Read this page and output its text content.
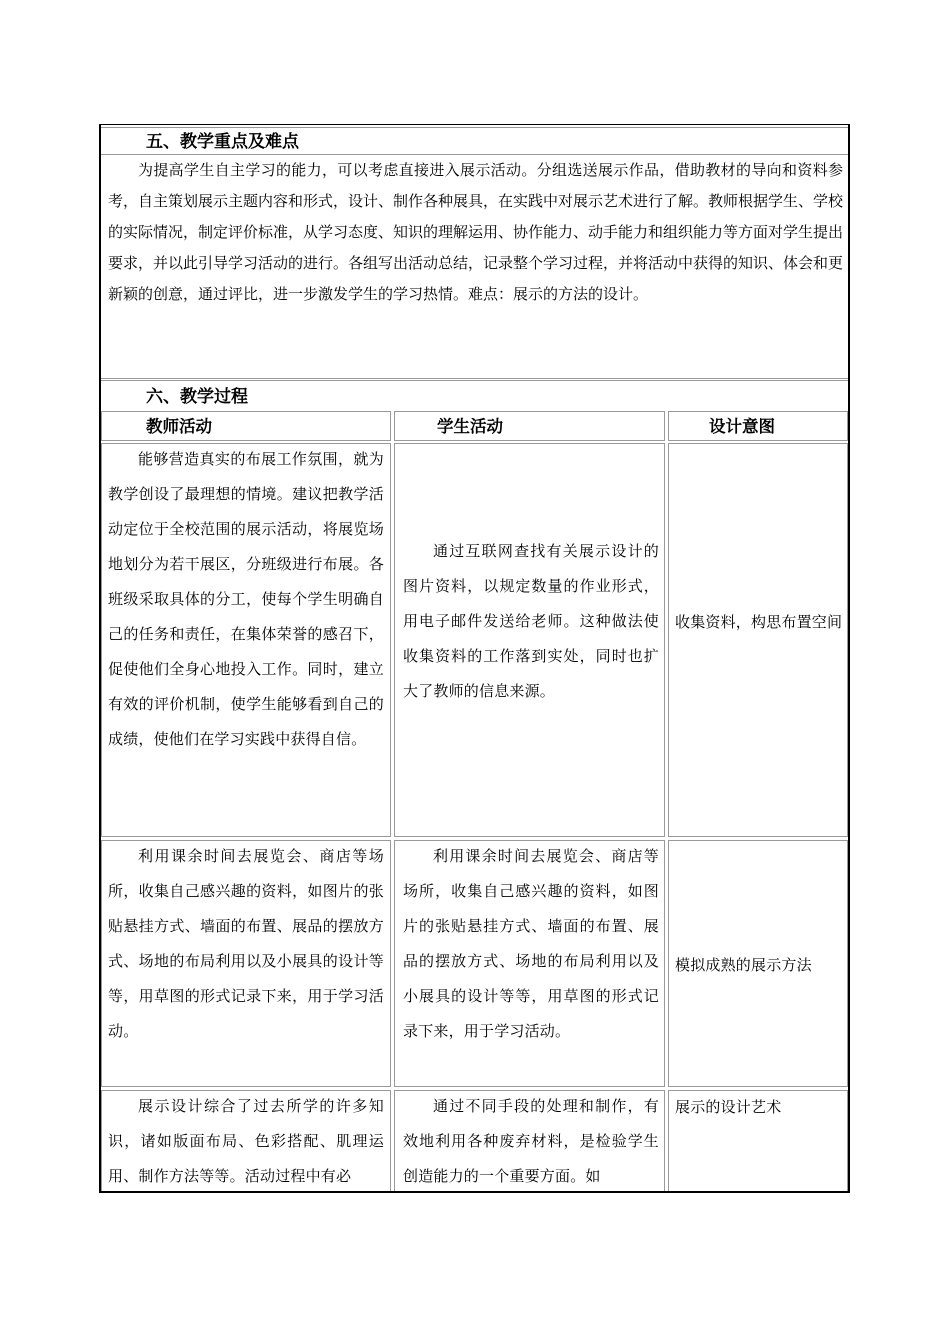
五、教学重点及难点
为提高学生自主学习的能力，可以考虑直接进入展示活动。分组选送展示作品，借助教材的导向和资料参考，自主策划展示主题内容和形式，设计、制作各种展具，在实践中对展示艺术进行了解。教师根据学生、学校的实际情况，制定评价标准，从学习态度、知识的理解运用、协作能力、动手能力和组织能力等方面对学生提出要求，并以此引导学习活动的进行。各组写出活动总结，记录整个学习过程，并将活动中获得的知识、体会和更新颖的创意，通过评比，进一步激发学生的学习热情。难点：展示的方法的设计。
六、教学过程
教师活动	学生活动	设计意图
能够营造真实的布展工作氛围，就为教学创设了最理想的情境。建议把教学活动定位于全校范围的展示活动，将展览场地划分为若干展区，分班级进行布展。各班级采取具体的分工，使每个学生明确自己的任务和责任，在集体荣誉的感召下，促使他们全身心地投入工作。同时，建立有效的评价机制，使学生能够看到自己的成绩，使他们在学习实践中获得自信。
通过互联网查找有关展示设计的图片资料，以规定数量的作业形式，用电子邮件发送给老师。这种做法使收集资料的工作落到实处，同时也扩大了教师的信息来源。
收集资料，构思布置空间
利用课余时间去展览会、商店等场所，收集自己感兴趣的资料，如图片的张贴悬挂方式、墙面的布置、展品的摆放方式、场地的布局利用以及小展具的设计等等，用草图的形式记录下来，用于学习活动。
利用课余时间去展览会、商店等场所，收集自己感兴趣的资料，如图片的张贴悬挂方式、墙面的布置、展品的摆放方式、场地的布局利用以及小展具的设计等等，用草图的形式记录下来，用于学习活动。
模拟成熟的展示方法
展示设计综合了过去所学的许多知识，诸如版面布局、色彩搭配、肌理运用、制作方法等等。活动过程中有必
通过不同手段的处理和制作，有效地利用各种废弃材料，是检验学生创造能力的一个重要方面。如
展示的设计艺术
